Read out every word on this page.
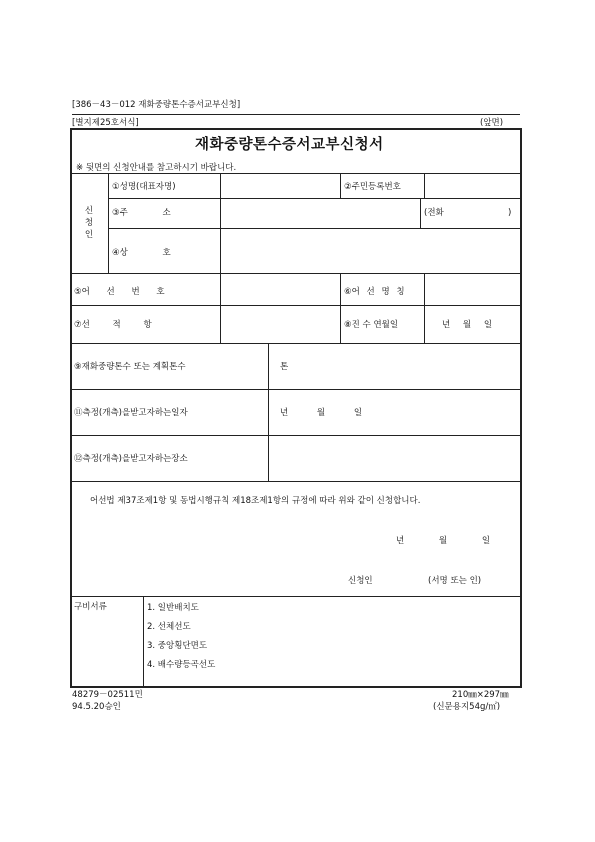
[386－43－012 재화중량톤수증서교부신청]
[별지제25호서식]	(앞면)
재화중량톤수증서교부신청서
※ 뒷면의 신청안내를 참고하시기 바랍니다.
신
청
인
①성명(대표자명)	②주민등록번호
③주 소	(전화	)
④상 호
⑤어 선 번 호	⑥어 선 명 칭
⑦선 적 항	⑧진 수 연월일	년 월 일
⑨재화중량톤수 또는 계획톤수	톤
⑪측정(개측)을받고자하는일자	년 월 일
⑫측정(개측)을받고자하는장소
어선법 제37조제1항 및 동법시행규칙 제18조제1항의 규정에 따라 위와 같이 신청합니다.
년 월 일
신청인	(서명 또는 인)
구비서류	1. 일반배치도
2. 선체선도
3. 중앙횡단면도
4. 배수량등곡선도
48279－02511민
94.5.20승인
210㎜×297㎜
(신문용지54g/㎡)
